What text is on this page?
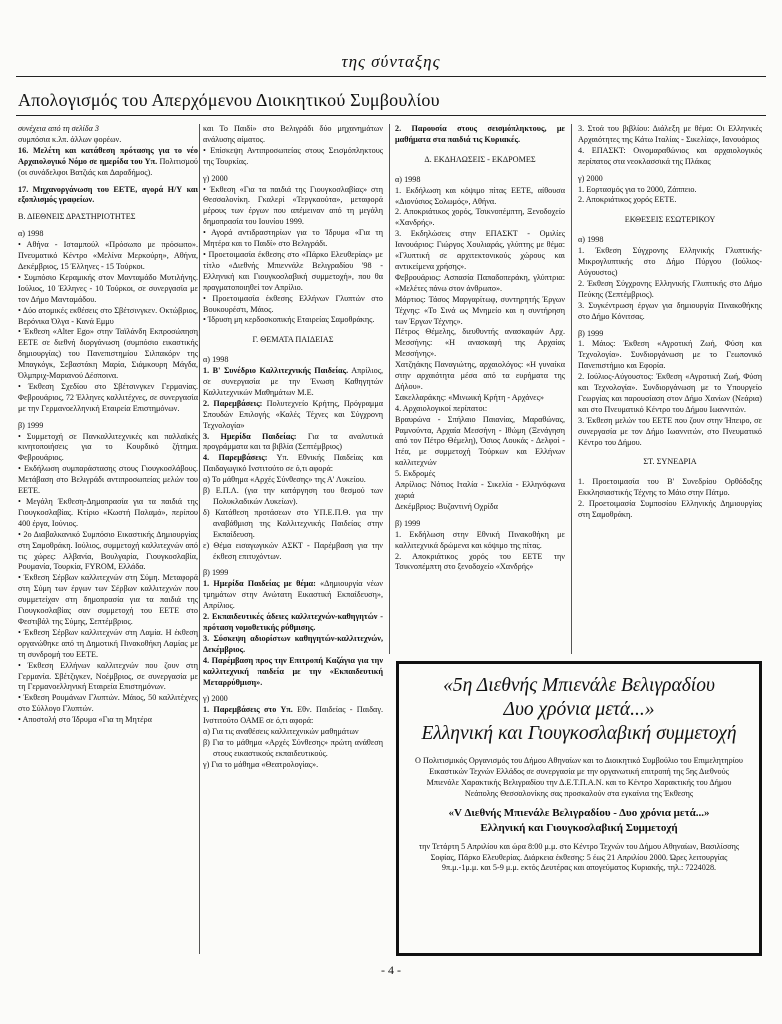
της σύνταξης
Απολογισμός του Απερχόμενου Διοικητικού Συμβουλίου

συνέχεια από τη σελίδα 3

συμπόσια κ.λπ. άλλων φορέων.

16. Μελέτη και κατάθεση πρότασης για το νέο Αρχαιολογικό Νόμο σε ημερίδα του Υπ. Πολιτισμού (οι συνάδελφοι Βατζιάς και Δαραδήμος).

17. Μηχανοργάνωση του ΕΕΤΕ, αγορά Η/Υ και εξοπλισμός γραφείων.

Β. ΔΙΕΘΝΕΙΣ ΔΡΑΣΤΗΡΙΟΤΗΤΕΣ

α) 1998

• Αθήνα - Ισταμπούλ «Πρόσωπο με πρόσωπο». Πνευματικό Κέντρο «Μελίνα Μερκούρη», Αθήνα, Δεκέμβριος, 15 Έλληνες - 15 Τούρκοι.

• Συμπόσιο Κεραμικής στον Μανταμάδο Μυτιλήνης. Ιούλιος, 10 Έλληνες - 10 Τούρκοι, σε συνεργασία με τον Δήμο Μανταμάδου.

• Δύο ατομικές εκθέσεις στο Σβέτσινγκεν. Οκτώβριος, Βερόνικα Όλγα - Κανά Εμμυ

• Έκθεση «Alter Ego» στην Ταϊλάνδη Εκπροσώπηση ΕΕΤΕ σε διεθνή διοργάνωση (συμπόσιο εικαστικής δημιουργίας) του Πανεπιστημίου Σιλπακόρν της Μπαγκόγκ, Σεβαστάκη Μαρία, Σιάμκουρη Μάγδα, Όλμπριχ-Μαριανού Δέσποινα.

• Έκθεση Σχεδίου στο Σβέτσινγκεν Γερμανίας. Φεβρουάριος, 72 Έλληνες καλλιτέχνες, σε συνεργασία με την Γερμανοελληνική Εταιρεία Επιστημόνων.

β) 1999

• Συμμετοχή σε Πανκαλλιτεχνικές και παλλαϊκές κινητοποιήσεις για το Κουρδικό ζήτημα. Φεβρουάριος.

• Εκδήλωση συμπαράστασης στους Γιουγκοσλάβους. Μετάβαση στο Βελιγράδι αντιπροσωπείας μελών του ΕΕΤΕ.

• Μεγάλη Έκθεση-Δημοπρασία για τα παιδιά της Γιουγκοσλαβίας. Κτίριο «Κωστή Παλαμά», περίπου 400 έργα, Ιούνιος.

• 2ο Διαβαλκανικό Συμπόσιο Εικαστικής Δημιουργίας στη Σαμοθράκη. Ιούλιος, συμμετοχή καλλιτεχνών από τις χώρες: Αλβανία, Βουλγαρία, Γιουγκοσλαβία, Ρουμανία, Τουρκία, FYROM, Ελλάδα.

• Έκθεση Σέρβων καλλιτεχνών στη Σύμη. Μεταφορά στη Σύμη των έργων των Σέρβων καλλιτεχνών που συμμετείχαν στη δημοπρασία για τα παιδιά της Γιουγκοσλαβίας σαν συμμετοχή του ΕΕΤΕ στο Φεστιβάλ της Σύμης, Σεπτέμβριος.

• Έκθεση Σέρβων καλλιτεχνών στη Λαμία. Η έκθεση οργανώθηκε από τη Δημοτική Πινακοθήκη Λαμίας με τη συνδρομή του ΕΕΤΕ.

• Έκθεση Ελλήνων καλλιτεχνών που ζουν στη Γερμανία. Σβέτζιγκεν, Νοέμβριος, σε συνεργασία με τη Γερμανοελληνική Εταιρεία Επιστημόνων.

• Έκθεση Ρουμάνων Γλυπτών. Μάιος, 50 καλλιτέχνες στο Σύλλογο Γλυπτών.

• Αποστολή στο Ίδρυμα «Για τη Μητέρα

και Το Παιδί» στο Βελιγράδι δύο μηχανημάτων ανάλυσης αίματος.

• Επίσκεψη Αντιπροσωπείας στους Σεισμόπληκτους της Τουρκίας.

γ) 2000

• Έκθεση «Για τα παιδιά της Γιουγκοσλαβίας» στη Θεσσαλονίκη. Γκαλερί «Τεργκαούτα», μεταφορά μέρους των έργων που απέμειναν από τη μεγάλη δημοπρασία του Ιουνίου 1999.

• Αγορά αντιδραστηρίων για το Ίδρυμα «Για τη Μητέρα και το Παιδί» στο Βελιγράδι.

• Προετοιμασία έκθεσης στο «Πάρκο Ελευθερίας» με τίτλο «Διεθνής Μπιεννάλε Βελιγραδίου '98 - Ελληνική και Γιουγκοσλαβική συμμετοχή», που θα πραγματοποιηθεί τον Απρίλιο.

• Προετοιμασία έκθεσης Ελλήνων Γλυπτών στο Βουκουρέστι, Μάιος.

• Ίδρυση μη κερδοσκοπικής Εταιρείας Σαμοθράκης.

Γ. ΘΕΜΑΤΑ ΠΑΙΔΕΙΑΣ

α) 1998

1. Β' Συνέδριο Καλλιτεχνικής Παιδείας. Απρίλιος, σε συνεργασία με την Ένωση Καθηγητών Καλλιτεχνικών Μαθημάτων Μ.Ε.

2. Παρεμβάσεις: Πολυτεχνείο Κρήτης, Πρόγραμμα Σπουδών Επιλογής «Καλές Τέχνες και Σύγχρονη Τεχνολογία»

3. Ημερίδα Παιδείας: Για τα αναλυτικά προγράμματα και τα βιβλία (Σεπτέμβριος)

4. Παρεμβάσεις: Υπ. Εθνικής Παιδείας και Παιδαγωγικό Ινστιτούτο σε ό,τι αφορά:

α) Το μάθημα «Αρχές Σύνθεσης» της Α' Λυκείου.

β) Ε.Π.Λ. (για την κατάργηση του θεσμού των Πολυκλαδικών Λυκείων).

δ) Κατάθεση προτάσεων στο ΥΠ.Ε.Π.Θ. για την αναβάθμιση της Καλλιτεχνικής Παιδείας στην Εκπαίδευση.

ε) Θέμα εισαγωγικών ΑΣΚΤ - Παρέμβαση για την έκθεση επιτυχόντων.

β) 1999

1. Ημερίδα Παιδείας με θέμα: «Δημιουργία νέων τμημάτων στην Ανώτατη Εικαστική Εκπαίδευση», Απρίλιος.

2. Εκπαιδευτικές άδειες καλλιτεχνών-καθηγητών - πρόταση νομοθετικής ρύθμισης.

3. Σύσκεψη αδιορίστων καθηγητών-καλλιτεχνών, Δεκέμβριος.

4. Παρέμβαση προς την Επιτροπή Καζάγια για την καλλιτεχνική παιδεία με την «Εκπαιδευτική Μεταρρύθμιση».

γ) 2000

1. Παρεμβάσεις στο Υπ. Εθν. Παιδείας - Παιδαγ. Ινστιτούτο ΟΑΜΕ σε ό,τι αφορά:

α) Για τις αναθέσεις καλλιτεχνικών μαθημάτων

β) Για το μάθημα «Αρχές Σύνθεσης» πρώτη ανάθεση στους εικαστικούς εκπαιδευτικούς.

γ) Για το μάθημα «Θεατρολογίας».

2. Παρουσία στους σεισμόπληκτους, με μαθήματα στα παιδιά τις Κυριακές.

Δ. ΕΚΔΗΛΩΣΕΙΣ - ΕΚΔΡΟΜΕΣ

α) 1998

1. Εκδήλωση και κόψιμο πίτας ΕΕΤΕ, αίθουσα «Διονύσιος Σολωμός», Αθήνα.

2. Αποκριάτικος χορός, Τσικνοπέμπτη, Ξενοδοχείο «Χανδρής».

3. Εκδηλώσεις στην ΕΠΑΣΚΤ - Ομιλίες Ιανουάριος: Γιώργος Χουλιαράς, γλύπτης με θέμα: «Γλυπτική σε αρχιτεκτονικούς χώρους και αντικείμενα χρήσης».

Φεβρουάριος: Ασπασία Παπαδοπεράκη, γλύπτρια: «Μελέτες πάνω στον άνθρωπο».

Μάρτιος: Τάσος Μαργαρίτωφ, συντηρητής Έργων Τέχνης: «Το Σινά ως Μνημείο και η συντήρηση των Έργων Τέχνης».

Πέτρος Θέμελης, διευθυντής ανασκαφών Αρχ. Μεσσήνης: «Η ανασκαφή της Αρχαίας Μεσσήνης».

Χατζηάκης Παναγιώτης, αρχαιολόγος: «Η γυναίκα στην αρχαιότητα μέσα από τα ευρήματα της Δήλου».

Σακελλαράκης: «Μινωική Κρήτη - Αρχάνες»

4. Αρχαιολογικοί περίπατοι:

Βραυρώνα - Σπήλαιο Παιανίας, Μαραθώνας, Ραμνούντα, Αρχαία Μεσσήνη - Ιθώμη (Ξενάγηση από τον Πέτρο Θέμελη), Όσιος Λουκάς - Δελφοί - Ιτέα, με συμμετοχή Τούρκων και Ελλήνων καλλιτεχνών

5. Εκδρομές

Απρίλιος: Νότιος Ιταλία - Σικελία - Ελληνόφωνα χωριά

Δεκέμβριος: Βυζαντινή Οχρίδα

β) 1999

1. Εκδήλωση στην Εθνική Πινακοθήκη με καλλιτεχνικά δρώμενα και κόψιμο της πίτας.

2. Αποκριάτικος χορός του ΕΕΤΕ την Τσικνοπέμπτη στο ξενοδοχείο «Χανδρής»

3. Στοά του βιβλίου: Διάλεξη με θέμα: Οι Ελληνικές Αρχαιότητες της Κάτω Ιταλίας - Σικελίας», Ιανουάριος

4. ΕΠΑΣΚΤ: Οινομαραθώνιος και αρχαιολογικός περίπατος στα νεοκλασσικά της Πλάκας

γ) 2000

1. Εορτασμός για το 2000, Ζάππειο.

2. Αποκριάτικος χορός ΕΕΤΕ.

ΕΚΘΕΣΕΙΣ ΕΣΩΤΕΡΙΚΟΥ

α) 1998

1. Έκθεση Σύγχρονης Ελληνικής Γλυπτικής-Μικρογλυπτικής στο Δήμο Πύργου (Ιούλιος-Αύγουστος)

2. Έκθεση Σύγχρονης Ελληνικής Γλυπτικής στο Δήμο Πεύκης (Σεπτέμβριος).

3. Συγκέντρωση έργων για δημιουργία Πινακοθήκης στο Δήμο Κόνιτσας.

β) 1999

1. Μάιος: Έκθεση «Αγροτική Ζωή, Φύση και Τεχνολογία». Συνδιοργάνωση με το Γεωπονικό Πανεπιστήμιο και Εφορία.

2. Ιούλιος-Αύγουστος: Έκθεση «Αγροτική Ζωή, Φύση και Τεχνολογία». Συνδιοργάνωση με το Υπουργείο Γεωργίας και παρουσίαση στον Δήμο Χανίων (Νεάρια) και στο Πνευματικό Κέντρο του Δήμου Ιωαννιτών.

3. Έκθεση μελών του ΕΕΤΕ που ζουν στην Ήπειρο, σε συνεργασία με τον Δήμο Ιωαννιτών, στο Πνευματικό Κέντρο του Δήμου.

ΣΤ. ΣΥΝΕΔΡΙΑ

1. Προετοιμασία του Β' Συνεδρίου Ορθόδοξης Εκκλησιαστικής Τέχνης το Μάιο στην Πάτμο.

2. Προετοιμασία Συμποσίου Ελληνικής Δημιουργίας στη Σαμοθράκη.

«5η Διεθνής Μπιενάλε Βελιγραδίου
Δυο χρόνια μετά...»
Ελληνική και Γιουγκοσλαβική συμμετοχή
Ο Πολιτισμικός Οργανισμός του Δήμου Αθηναίων και το Διοικητικό Συμβούλιο του Επιμελητηρίου Εικαστικών Τεχνών Ελλάδος σε συνεργασία με την οργανωτική επιτροπή της 5ης Διεθνούς Μπιενάλε Χαρακτικής Βελιγραδίου την Δ.Ε.Τ.Π.Α.Ν. και το Κέντρο Χαρακτικής του Δήμου Νεάπολης Θεσσαλονίκης σας προσκαλούν στα εγκαίνια της Έκθεσης
«V Διεθνής Μπιενάλε Βελιγραδίου - Δυο χρόνια μετά...»
Ελληνική και Γιουγκοσλαβική Συμμετοχή
την Τετάρτη 5 Απριλίου και ώρα 8:00 μ.μ. στο Κέντρο Τεχνών του Δήμου Αθηναίων, Βασιλίσσης Σοφίας, Πάρκο Ελευθερίας. Διάρκεια έκθεσης: 5 έως 21 Απριλίου 2000. Ώρες λειτουργίας 9π.μ.-1μ.μ. και 5-9 μ.μ. εκτός Δευτέρας και απογεύματος Κυριακής, τηλ.: 7224028.
- 4 -
